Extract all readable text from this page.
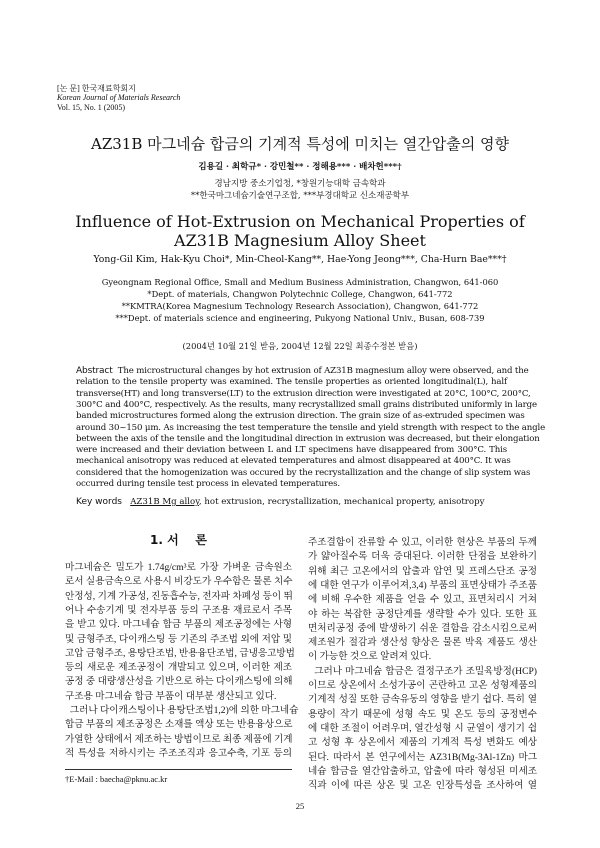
[논 문] 한국재료학회지
Korean Journal of Materials Research
Vol. 15, No. 1 (2005)
AZ31B 마그네슘 합금의 기계적 특성에 미치는 열간압출의 영향
김용길 · 최학규* · 강민철** · 정해용*** · 배차헌***†
경남지방 중소기업청, *창원기능대학 금속학과
**한국마그네슘기술연구조합, ***부경대학교 신소재공학부
Influence of Hot-Extrusion on Mechanical Properties of
AZ31B Magnesium Alloy Sheet
Yong-Gil Kim, Hak-Kyu Choi*, Min-Cheol-Kang**, Hae-Yong Jeong***, Cha-Hurn Bae***†
Gyeongnam Regional Office, Small and Medium Business Administration, Changwon, 641-060
*Dept. of materials, Changwon Polytechnic College, Changwon, 641-772
**KMTRA(Korea Magnesium Technology Research Association), Changwon, 641-772
***Dept. of materials science and engineering, Pukyong National Univ., Busan, 608-739
(2004년 10월 21일 받음, 2004년 12월 22일 최종수정본 받음)
Abstract The microstructural changes by hot extrusion of AZ31B magnesium alloy were observed, and the
relation to the tensile property was examined. The tensile properties as oriented longitudinal(L), half
transverse(HT) and long transverse(LT) to the extrusion direction were investigated at 20°C, 100°C, 200°C,
300°C and 400°C, respectively. As the results, many recrystallized small grains distributed uniformly in large
banded microstructures formed along the extrusion direction. The grain size of as-extruded specimen was
around 30~150 μm. As increasing the test temperature the tensile and yield strength with respect to the angle
between the axis of the tensile and the longitudinal direction in extrusion was decreased, but their elongation
were increased and their deviation between L and LT specimens have disappeared from 300°C. This
mechanical anisotropy was reduced at elevated temperatures and almost disappeared at 400°C. It was
considered that the homogenization was occured by the recrystallization and the change of slip system was
occurred during tensile test process in elevated temperatures.
Key words AZ31B Mg alloy, hot extrusion, recrystallization, mechanical property, anisotropy
1. 서    론
마그네슘은 밀도가 1.74g/cm³로 가장 가벼운 금속원소
로서 실용금속으로 사용시 비강도가 우수함은 물론 치수
안정성, 기계 가공성, 진동흡수능, 전자파 차폐성 등이 뛰
어나 수송기계 및 전자부품 등의 구조용 재료로서 주목
을 받고 있다. 마그네슘 합금 부품의 제조공정에는 사형
및 금형주조, 다이캐스팅 등 기존의 주조법 외에 저압 및
고압 금형주조, 용탕단조법, 반용융단조법, 급냉응고방법
등의 새로운 제조공정이 개발되고 있으며, 이러한 제조
공정 중 대량생산성을 기반으로 하는 다이캐스팅에 의해
구조용 마그네슘 합금 부품이 대부분 생산되고 있다.
그러나 다이캐스팅이나 용탕단조법1,2)에 의한 마그네슘
합금 부품의 제조공정은 소재를 액상 또는 반용융상으로
가열한 상태에서 제조하는 방법이므로 최종 제품에 기계
적 특성을 저하시키는 주조조직과 응고수축, 기포 등의
주조결함이 잔류할 수 있고, 이러한 현상은 부품의 두께
가 얇아질수록 더욱 증대된다. 이러한 단점을 보완하기
위해 최근 고온에서의 압출과 압연 및 프레스단조 공정
에 대한 연구가 이루어져,3,4) 부품의 표면상태가 주조품
에 비해 우수한 제품을 얻을 수 있고, 표면처리시 거쳐
야 하는 복잡한 공정단계를 생략할 수가 있다. 또한 표
면처리공정 중에 발생하기 쉬운 결함을 감소시킴으로써
제조원가 절감과 생산성 향상은 물론 박육 제품도 생산
이 가능한 것으로 알려져 있다.
그러나 마그네슘 합금은 결정구조가 조밀육방정(HCP)
이므로 상온에서 소성가공이 곤란하고 고온 성형제품의
기계적 성질 또한 금속유동의 영향을 받기 쉽다. 특히 열
용량이 작기 때문에 성형 속도 및 온도 등의 공정변수
에 대한 조절이 어려우며, 열간성형 시 균열이 생기기 쉽
고 성형 후 상온에서 제품의 기계적 특성 변화도 예상
된다. 따라서 본 연구에서는 AZ31B(Mg-3Al-1Zn) 마그
네슘 합금을 열간압출하고, 압출에 따라 형성된 미세조
직과 이에 따른 상온 및 고온 인장특성을 조사하여 열
†E-Mail : baecha@pknu.ac.kr
25
